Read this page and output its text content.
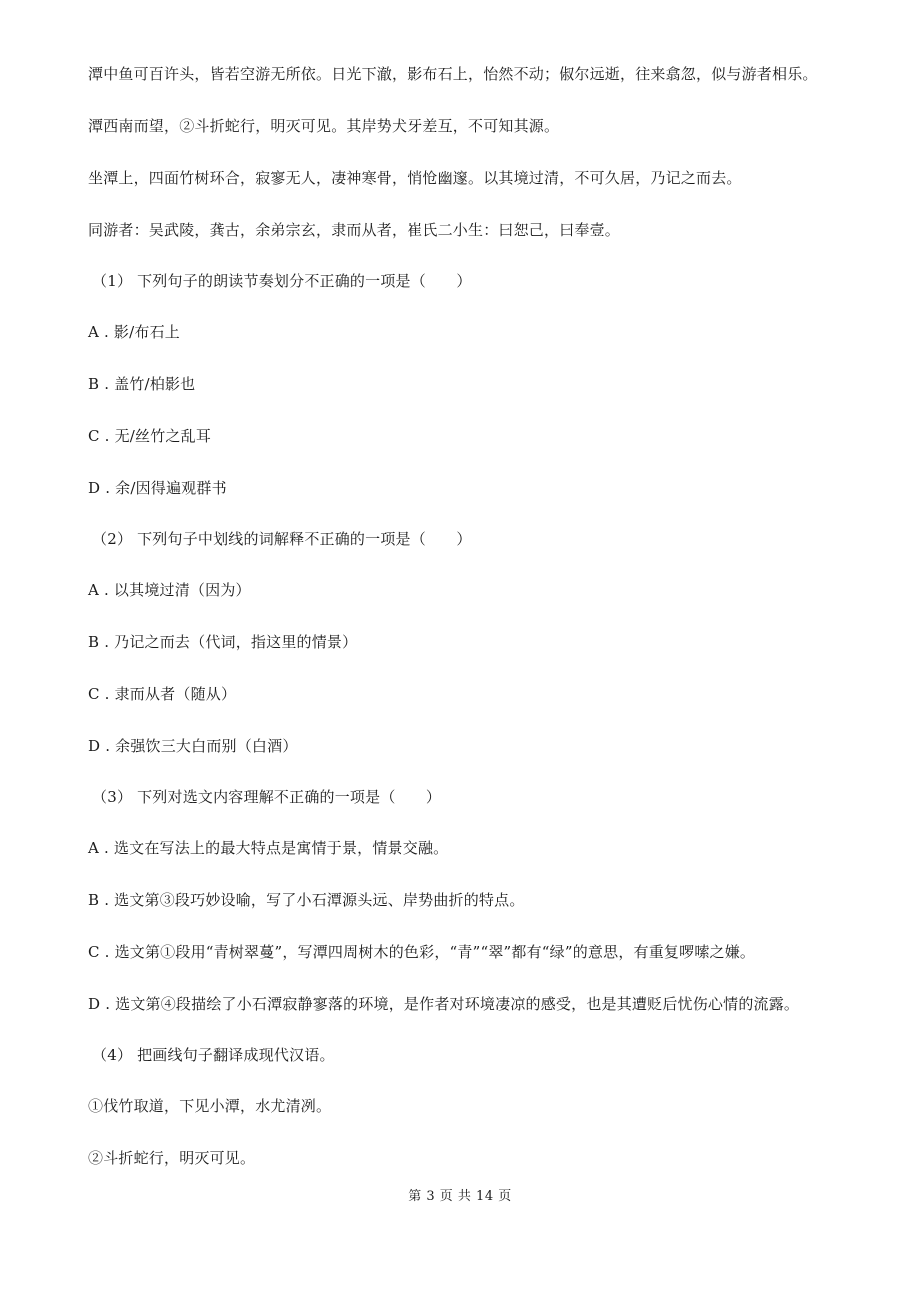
潭中鱼可百许头，皆若空游无所依。日光下澈，影布石上，怡然不动；俶尔远逝，往来翕忽，似与游者相乐。
潭西南而望，②斗折蛇行，明灭可见。其岸势犬牙差互，不可知其源。
坐潭上，四面竹树环合，寂寥无人，凄神寒骨，悄怆幽邃。以其境过清，不可久居，乃记之而去。
同游者：吴武陵，龚古，余弟宗玄，隶而从者，崔氏二小生：曰恕己，曰奉壹。
（1） 下列句子的朗读节奏划分不正确的一项是（　　）
A . 影/布石上
B . 盖竹/柏影也
C . 无/丝竹之乱耳
D . 余/因得遍观群书
（2） 下列句子中划线的词解释不正确的一项是（　　）
A . 以其境过清（因为）
B . 乃记之而去（代词，指这里的情景）
C . 隶而从者（随从）
D . 余强饮三大白而别（白酒）
（3） 下列对选文内容理解不正确的一项是（　　）
A . 选文在写法上的最大特点是寓情于景，情景交融。
B . 选文第③段巧妙设喻，写了小石潭源头远、岸势曲折的特点。
C . 选文第①段用“青树翠蔓”，写潭四周树木的色彩，“青”“翠”都有“绿”的意思，有重复啰嗦之嫌。
D . 选文第④段描绘了小石潭寂静寥落的环境，是作者对环境凄凉的感受，也是其遭贬后忧伤心情的流露。
（4） 把画线句子翻译成现代汉语。
①伐竹取道，下见小潭，水尤清冽。
②斗折蛇行，明灭可见。
第 3 页 共 14 页
